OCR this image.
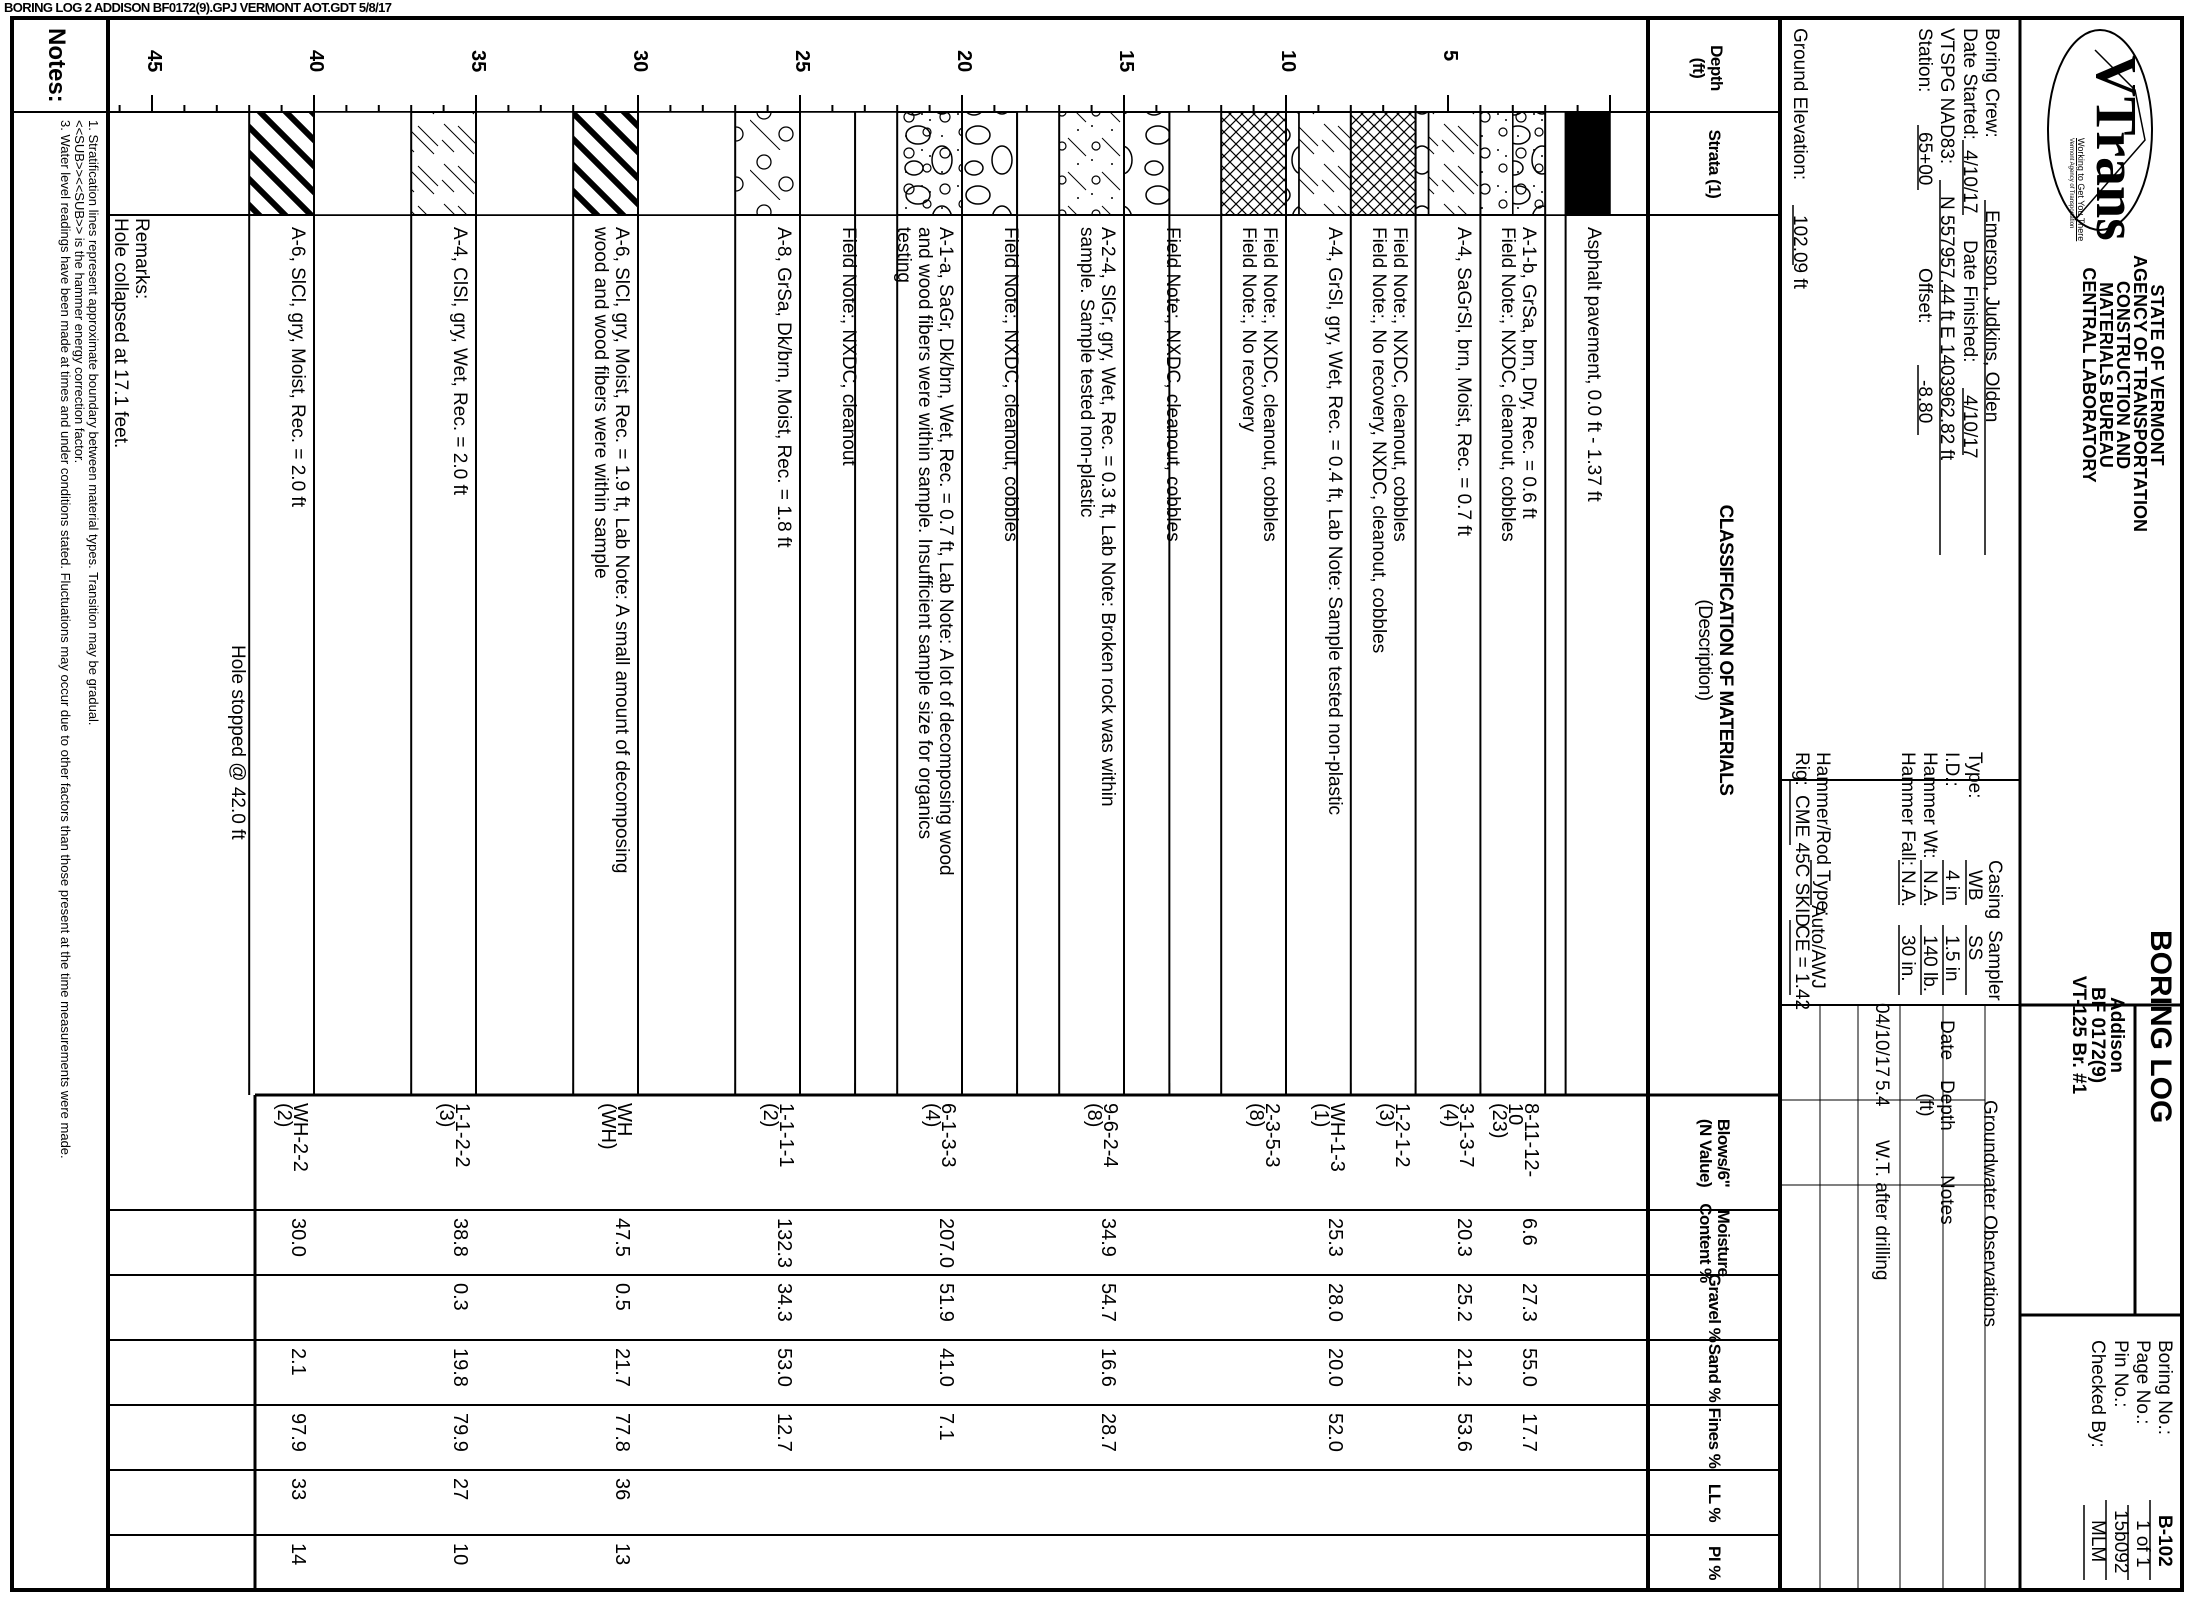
BORING LOG 2 ADDISON BF0172(9).GPJ VERMONT AOT.GDT 5/8/17
VTrans
Working to Get You There
Vermont Agency of Transportation
STATE OF VERMONT
AGENCY OF TRANSPORTATION
CONSTRUCTION AND
MATERIALS BUREAU
CENTRAL LABORATORY
BORING LOG
Addison
BF 0172(9)
VT-125 Br. #1
Boring No.:
B-102
Page No.:
1 of 1
Pin No.:
15b092
Checked By:
MLM
Boring Crew:
Emerson, Judkins, Olden
Date Started:
4/10/17
Date Finished:
4/10/17
VTSPG NAD83:
N 557957.44 ft E 1403962.82 ft
Station:
65+00
Offset:
-8.80
Ground Elevation:
102.09 ft
Casing
Sampler
Type:
WB
SS
I.D.:
4 in
1.5 in
Hammer Wt:
N.A.
140 lb.
Hammer Fall:
N.A.
30 in.
Hammer/Rod Type:
Auto/AWJ
Rig:
CME 45C SKID
CE = 1.42
Groundwater Observations
Date
Depth (ft)
Notes
04/10/17
5.4
W.T. after drilling
Depth
(ft)
Strata (1)
CLASSIFICATION OF MATERIALS
(Description)
Blows/6"
(N Value)
Moisture
Content %
Gravel %
Sand %
Fines %
LL %
PI %
5
10
15
20
25
30
35
40
45
Asphalt pavement, 0.0 ft - 1.37 ft
A-1-b, GrSa, brn, Dry, Rec. = 0.6 ft
Field Note:, NXDC, cleanout, cobbles
A-4, SaGrSl, brn, Moist, Rec. = 0.7 ft
Field Note:, NXDC, cleanout, cobbles
Field Note:, No recovery, NXDC, cleanout, cobbles
A-4, GrSl, gry, Wet, Rec. = 0.4 ft, Lab Note: Sample tested non-plastic
Field Note:, NXDC, cleanout, cobbles
Field Note:, No recovery
Field Note:, NXDC, cleanout, cobbles
A-2-4, SlGr, gry, Wet, Rec. = 0.3 ft, Lab Note: Broken rock was within
sample. Sample tested non-plastic
Field Note:, NXDC, cleanout, cobbles
A-1-a, SaGr, Dk/brn, Wet, Rec. = 0.7 ft, Lab Note: A lot of decomposing wood
and wood fibers were within sample. Insufficient sample size for organics
testing
Field Note:, NXDC, cleanout
A-8, GrSa, Dk/brn, Moist, Rec. = 1.8 ft
A-6, SlCl, gry, Moist, Rec. = 1.9 ft, Lab Note: A small amount of decomposing
wood and wood fibers were within sample
A-4, ClSl, gry, Wet, Rec. = 2.0 ft
A-6, SlCl, gry, Moist, Rec. = 2.0 ft
8-11-12-
10
(23)
6.6
27.3
55.0
17.7
3-1-3-7
(4)
20.3
25.2
21.2
53.6
1-2-1-2
(3)
WH-1-3
(1)
25.3
28.0
20.0
52.0
2-3-5-3
(8)
9-6-2-4
(8)
34.9
54.7
16.6
28.7
6-1-3-3
(4)
207.0
51.9
41.0
7.1
1-1-1-1
(2)
132.3
34.3
53.0
12.7
WH
(WH)
47.5
0.5
21.7
77.8
36
13
1-1-2-2
(3)
38.8
0.3
19.8
79.9
27
10
WH-2-2
(2)
30.0
2.1
97.9
33
14
Hole stopped @ 42.0 ft
Remarks:
Hole collapsed at 17.1 feet.
Notes:
1. Stratification lines represent approximate boundary between material types. Transition may be gradual.
<<SUB>><<SUB>> is the hammer energy correction factor.
3. Water level readings have been made at times and under conditions stated. Fluctuations may occur due to other factors than those present at the time measurements were made.
